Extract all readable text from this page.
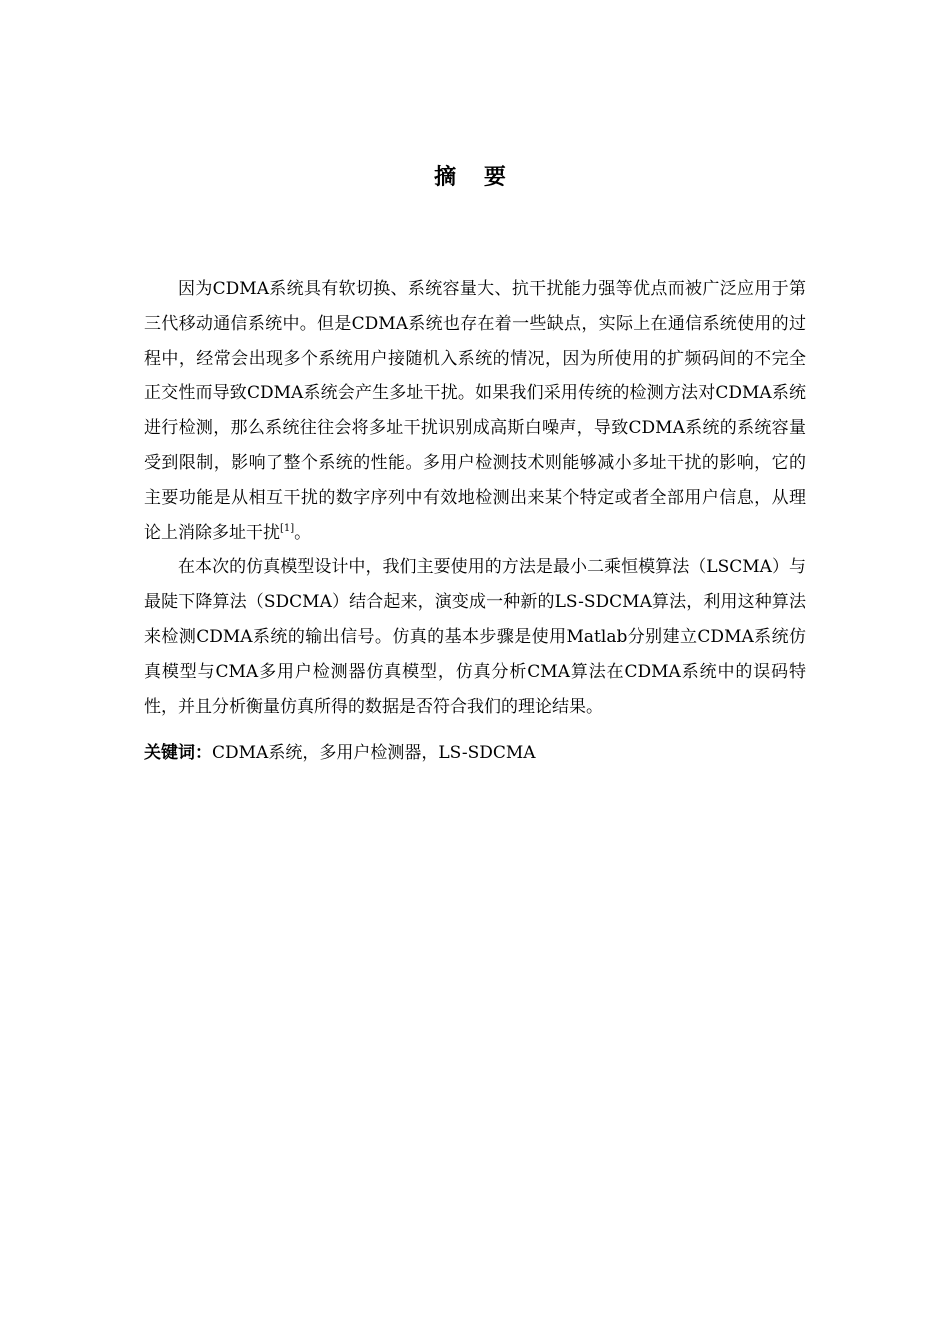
摘 要

因为CDMA系统具有软切换、系统容量大、抗干扰能力强等优点而被广泛应用于第三代移动通信系统中。但是CDMA系统也存在着一些缺点，实际上在通信系统使用的过程中，经常会出现多个系统用户接随机入系统的情况，因为所使用的扩频码间的不完全正交性而导致CDMA系统会产生多址干扰。如果我们采用传统的检测方法对CDMA系统进行检测，那么系统往往会将多址干扰识别成高斯白噪声，导致CDMA系统的系统容量受到限制，影响了整个系统的性能。多用户检测技术则能够减小多址干扰的影响，它的主要功能是从相互干扰的数字序列中有效地检测出来某个特定或者全部用户信息，从理论上消除多址干扰[1]。

在本次的仿真模型设计中，我们主要使用的方法是最小二乘恒模算法（LSCMA）与最陡下降算法（SDCMA）结合起来，演变成一种新的LS-SDCMA算法，利用这种算法来检测CDMA系统的输出信号。仿真的基本步骤是使用Matlab分别建立CDMA系统仿真模型与CMA多用户检测器仿真模型，仿真分析CMA算法在CDMA系统中的误码特性，并且分析衡量仿真所得的数据是否符合我们的理论结果。

关键词：CDMA系统，多用户检测器，LS-SDCMA
